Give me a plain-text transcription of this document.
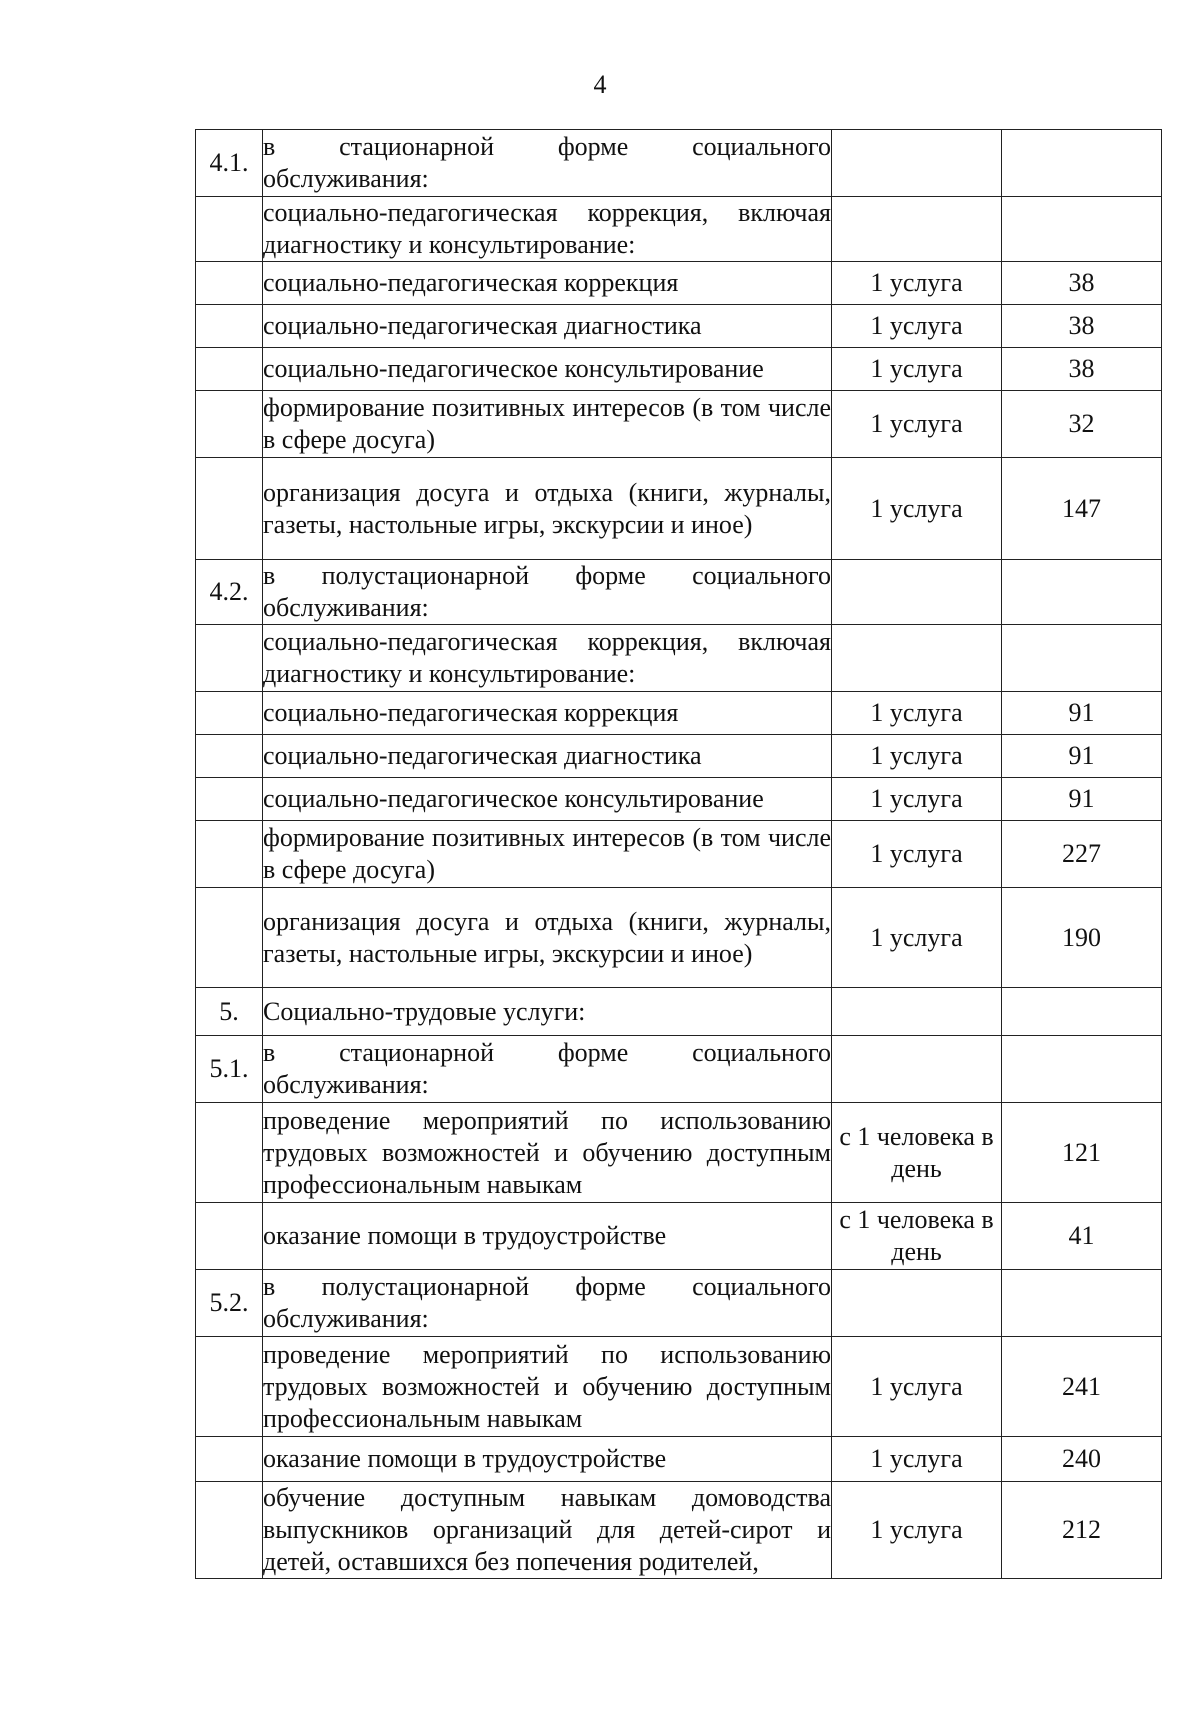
4
4.1.	в стационарной форме социального обслуживания:		
	социально-педагогическая коррекция, включая диагностику и консультирование:		
	социально-педагогическая коррекция	1 услуга	38
	социально-педагогическая диагностика	1 услуга	38
	социально-педагогическое консультирование	1 услуга	38
	формирование позитивных интересов (в том числе в сфере досуга)	1 услуга	32
	организация досуга и отдыха (книги, журналы, газеты, настольные игры, экскурсии и иное)	1 услуга	147
4.2.	в полустационарной форме социального обслуживания:		
	социально-педагогическая коррекция, включая диагностику и консультирование:		
	социально-педагогическая коррекция	1 услуга	91
	социально-педагогическая диагностика	1 услуга	91
	социально-педагогическое консультирование	1 услуга	91
	формирование позитивных интересов (в том числе в сфере досуга)	1 услуга	227
	организация досуга и отдыха (книги, журналы, газеты, настольные игры, экскурсии и иное)	1 услуга	190
5.	Социально-трудовые услуги:		
5.1.	в стационарной форме социального обслуживания:		
	проведение мероприятий по использованию трудовых возможностей и обучению доступным профессиональным навыкам	с 1 человека в день	121
	оказание помощи в трудоустройстве	с 1 человека в день	41
5.2.	в полустационарной форме социального обслуживания:		
	проведение мероприятий по использованию трудовых возможностей и обучению доступным профессиональным навыкам	1 услуга	241
	оказание помощи в трудоустройстве	1 услуга	240
	обучение доступным навыкам домоводства выпускников организаций для детей-сирот и детей, оставшихся без попечения родителей,	1 услуга	212
